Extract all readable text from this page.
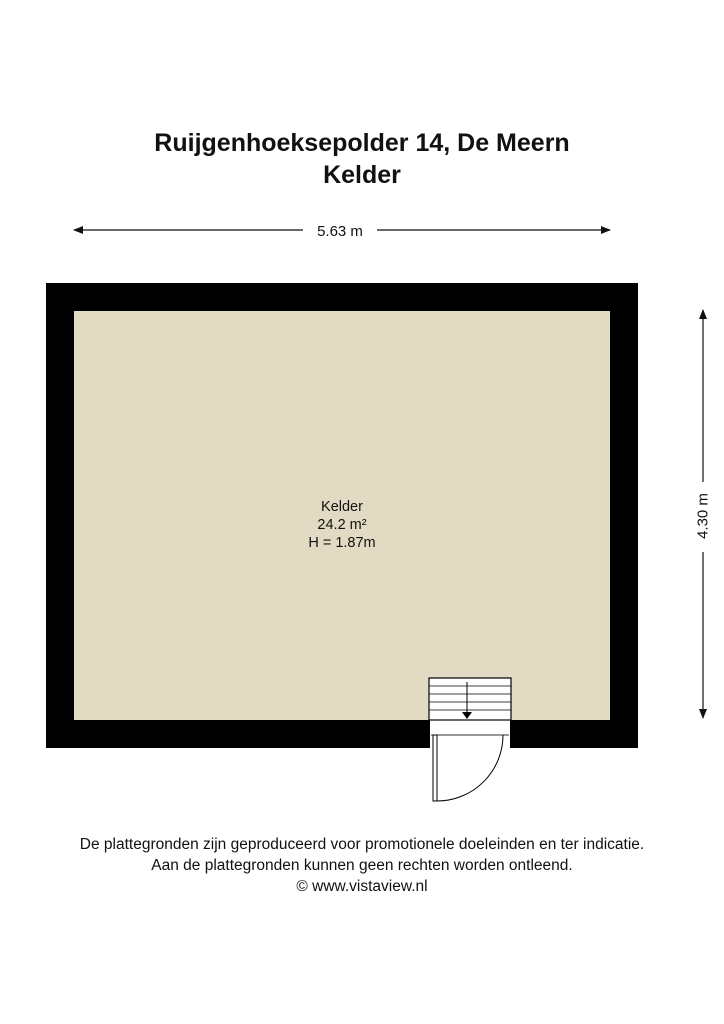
Ruijgenhoeksepolder 14, De Meern
Kelder
5.63 m
4.30 m
Kelder
24.2 m²
H = 1.87m
De plattegronden zijn geproduceerd voor promotionele doeleinden en ter indicatie.
Aan de plattegronden kunnen geen rechten worden ontleend.
© www.vistaview.nl
